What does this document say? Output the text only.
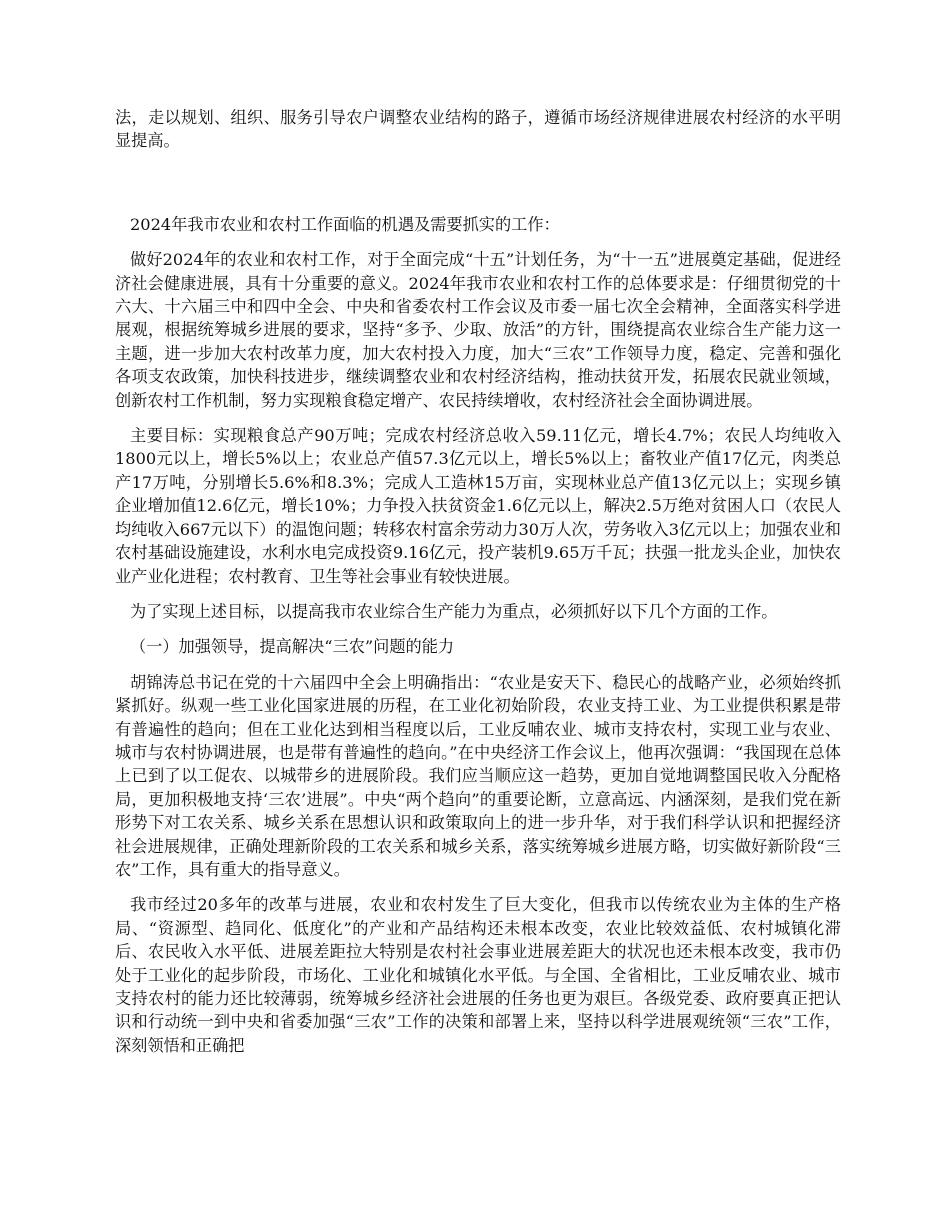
法，走以规划、组织、服务引导农户调整农业结构的路子，遵循市场经济规律进展农村经济的水平明显提高。

2024年我市农业和农村工作面临的机遇及需要抓实的工作：

做好2024年的农业和农村工作，对于全面完成“十五”计划任务，为“十一五”进展奠定基础，促进经济社会健康进展，具有十分重要的意义。2024年我市农业和农村工作的总体要求是：仔细贯彻党的十六大、十六届三中和四中全会、中央和省委农村工作会议及市委一届七次全会精神，全面落实科学进展观，根据统筹城乡进展的要求，坚持“多予、少取、放活”的方针，围绕提高农业综合生产能力这一主题，进一步加大农村改革力度，加大农村投入力度，加大“三农”工作领导力度，稳定、完善和强化各项支农政策，加快科技进步，继续调整农业和农村经济结构，推动扶贫开发，拓展农民就业领域，创新农村工作机制，努力实现粮食稳定增产、农民持续增收，农村经济社会全面协调进展。

主要目标：实现粮食总产90万吨；完成农村经济总收入59.11亿元，增长4.7%；农民人均纯收入1800元以上，增长5%以上；农业总产值57.3亿元以上，增长5%以上；畜牧业产值17亿元，肉类总产17万吨，分别增长5.6%和8.3%；完成人工造林15万亩，实现林业总产值13亿元以上；实现乡镇企业增加值12.6亿元，增长10%；力争投入扶贫资金1.6亿元以上，解决2.5万绝对贫困人口（农民人均纯收入667元以下）的温饱问题；转移农村富余劳动力30万人次，劳务收入3亿元以上；加强农业和农村基础设施建设，水利水电完成投资9.16亿元，投产装机9.65万千瓦；扶强一批龙头企业，加快农业产业化进程；农村教育、卫生等社会事业有较快进展。

为了实现上述目标，以提高我市农业综合生产能力为重点，必须抓好以下几个方面的工作。

（一）加强领导，提高解决“三农”问题的能力

胡锦涛总书记在党的十六届四中全会上明确指出：“农业是安天下、稳民心的战略产业，必须始终抓紧抓好。纵观一些工业化国家进展的历程，在工业化初始阶段，农业支持工业、为工业提供积累是带有普遍性的趋向；但在工业化达到相当程度以后，工业反哺农业、城市支持农村，实现工业与农业、城市与农村协调进展，也是带有普遍性的趋向。”在中央经济工作会议上，他再次强调：“我国现在总体上已到了以工促农、以城带乡的进展阶段。我们应当顺应这一趋势，更加自觉地调整国民收入分配格局，更加积极地支持‘三农’进展”。中央“两个趋向”的重要论断，立意高远、内涵深刻，是我们党在新形势下对工农关系、城乡关系在思想认识和政策取向上的进一步升华，对于我们科学认识和把握经济社会进展规律，正确处理新阶段的工农关系和城乡关系，落实统筹城乡进展方略，切实做好新阶段“三农”工作，具有重大的指导意义。

我市经过20多年的改革与进展，农业和农村发生了巨大变化，但我市以传统农业为主体的生产格局、“资源型、趋同化、低度化”的产业和产品结构还未根本改变，农业比较效益低、农村城镇化滞后、农民收入水平低、进展差距拉大特别是农村社会事业进展差距大的状况也还未根本改变，我市仍处于工业化的起步阶段，市场化、工业化和城镇化水平低。与全国、全省相比，工业反哺农业、城市支持农村的能力还比较薄弱，统筹城乡经济社会进展的任务也更为艰巨。各级党委、政府要真正把认识和行动统一到中央和省委加强“三农”工作的决策和部署上来，坚持以科学进展观统领“三农”工作，深刻领悟和正确把
